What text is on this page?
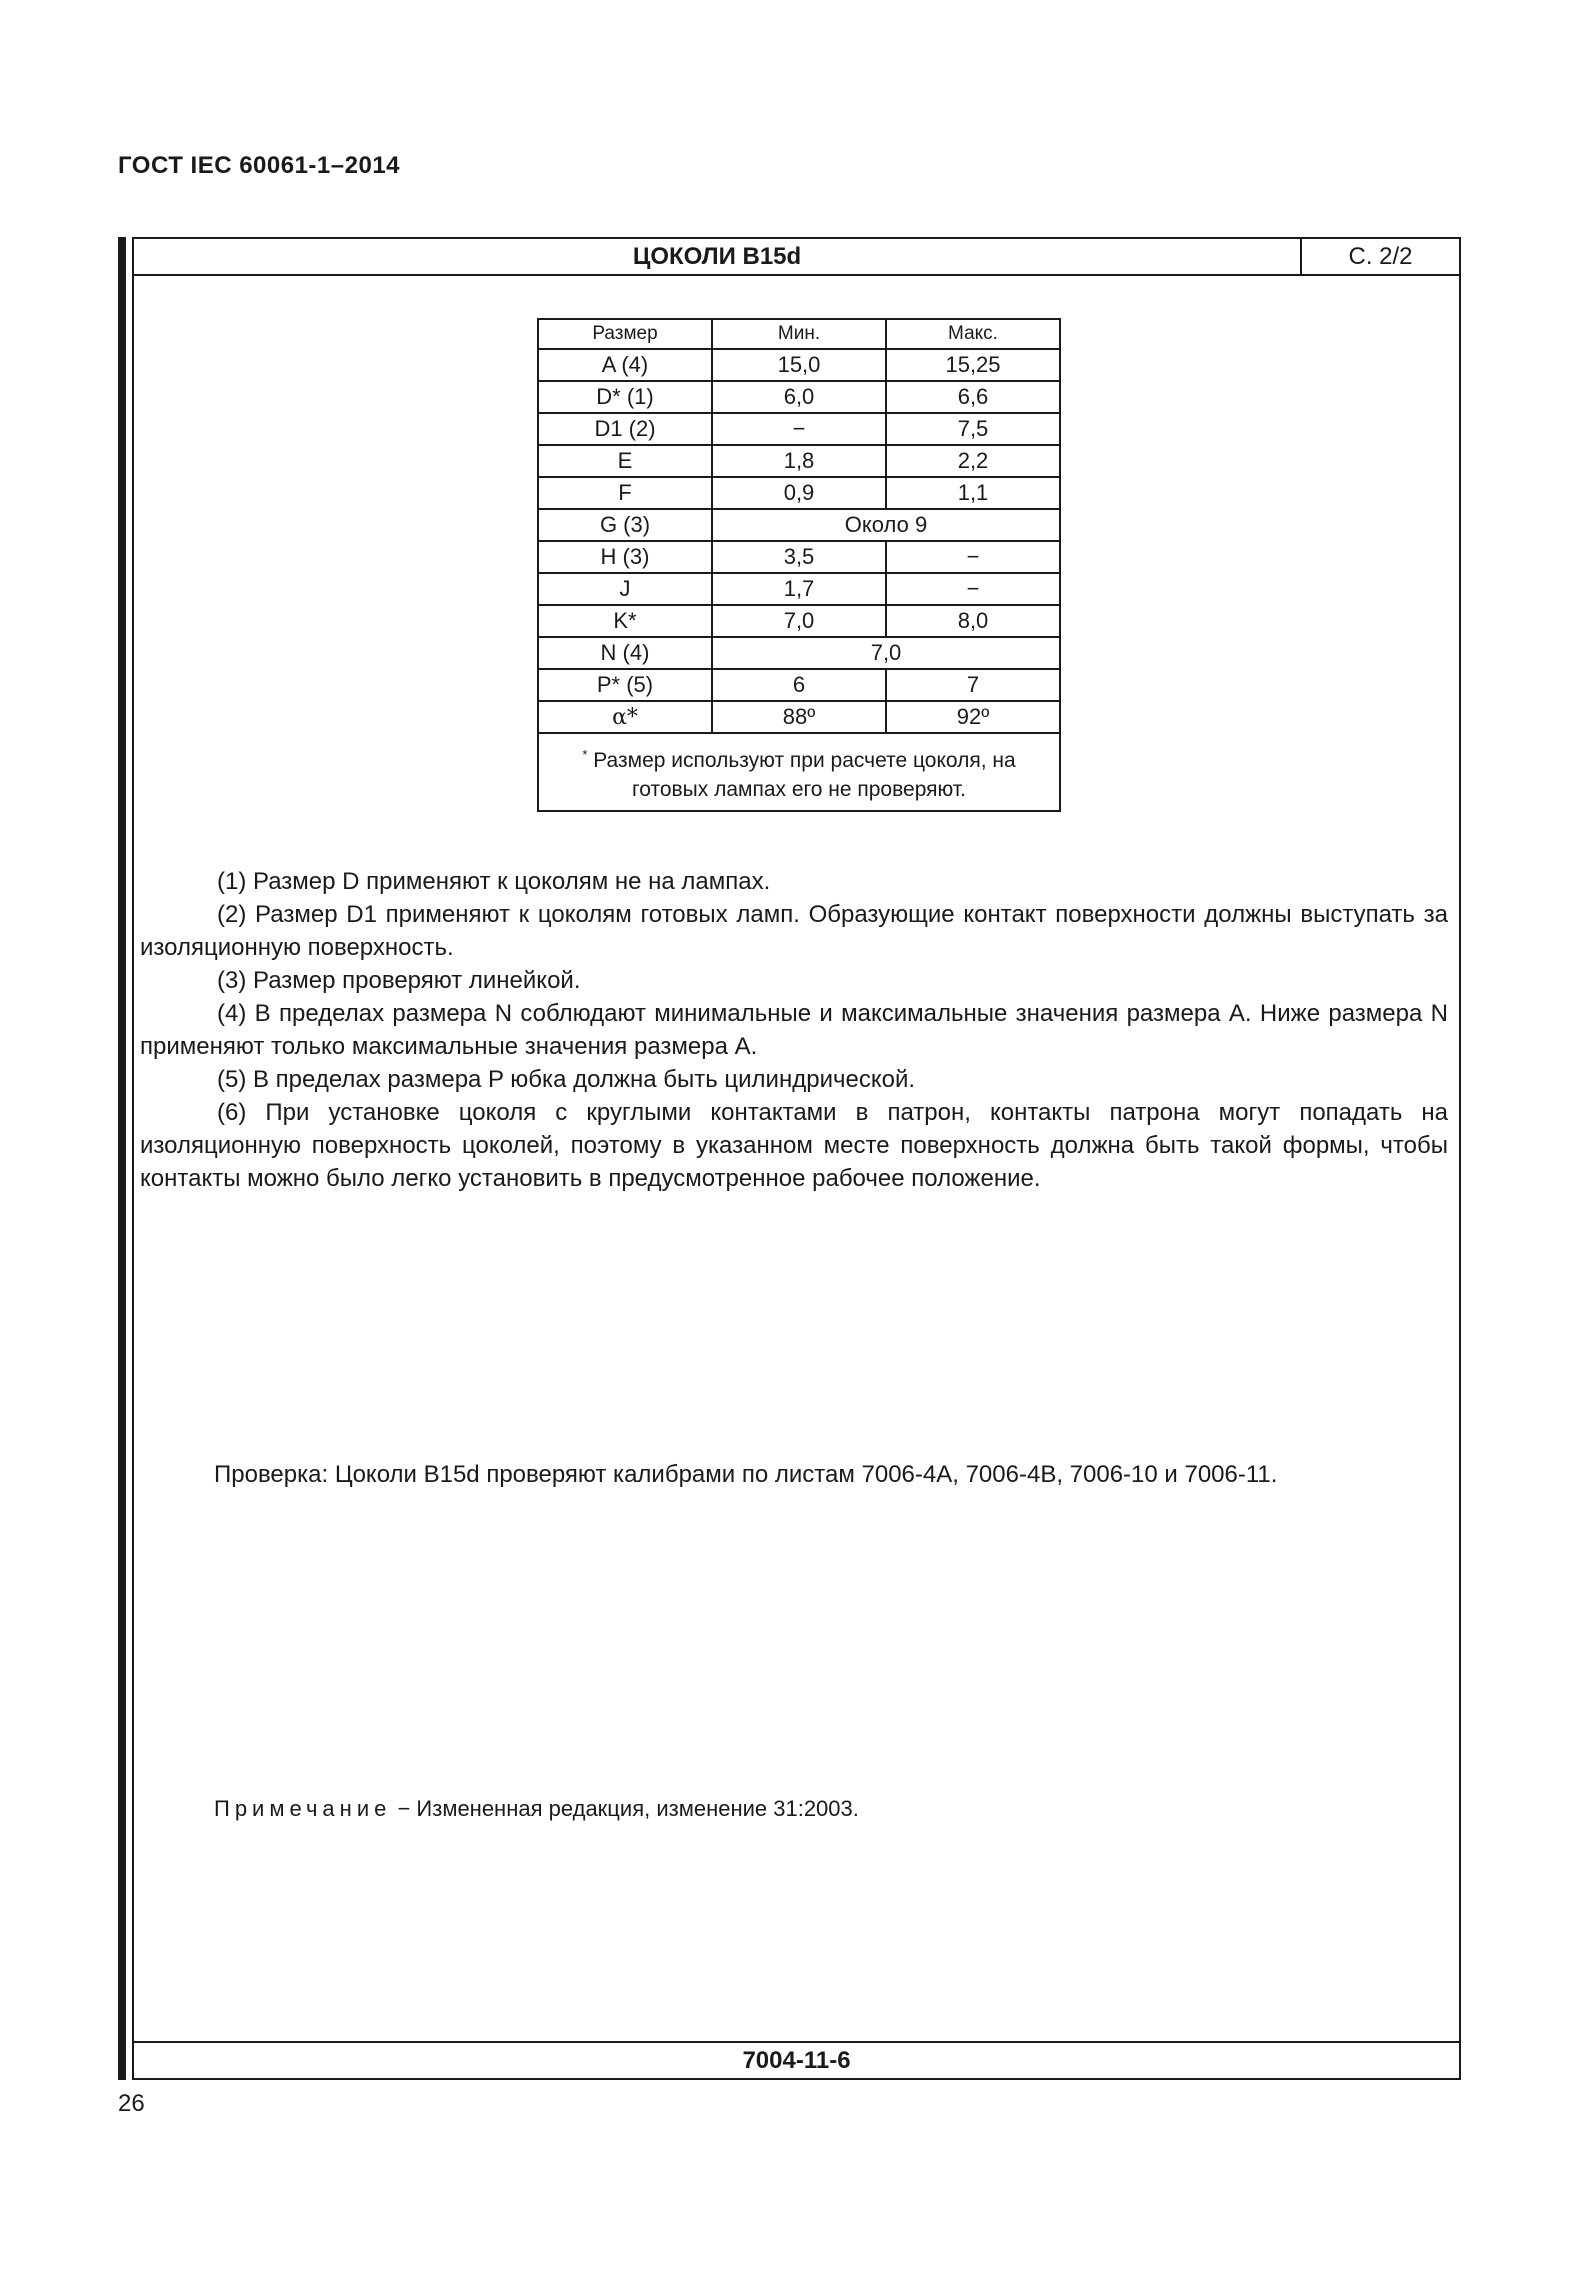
ГОСТ IEC 60061-1–2014
ЦОКОЛИ B15d	С. 2/2
Размер	Мин.	Макс.
A (4)	15,0	15,25
D* (1)	6,0	6,6
D1 (2)	−	7,5
E	1,8	2,2
F	0,9	1,1
G (3)	Около 9	
H (3)	3,5	−
J	1,7	−
K*	7,0	8,0
N (4)	7,0	
P* (5)	6	7
α*	88º	92º
* Размер используют при расчете цоколя, на готовых лампах его не проверяют.		

(1) Размер D применяют к цоколям не на лампах.

(2) Размер D1 применяют к цоколям готовых ламп. Образующие контакт поверхности должны выступать за изоляционную поверхность.

(3) Размер проверяют линейкой.

(4) В пределах размера N соблюдают минимальные и максимальные значения размера A. Ниже размера N применяют только максимальные значения размера A.

(5) В пределах размера P юбка должна быть цилиндрической.

(6) При установке цоколя с круглыми контактами в патрон, контакты патрона могут попадать на изоляционную поверхность цоколей, поэтому в указанном месте поверхность должна быть такой формы, чтобы контакты можно было легко установить в предусмотренное рабочее положение.

Проверка: Цоколи B15d проверяют калибрами по листам 7006-4A, 7006-4B, 7006-10 и 7006-11.
Примечание − Измененная редакция, изменение 31:2003.
7004-11-6
26
